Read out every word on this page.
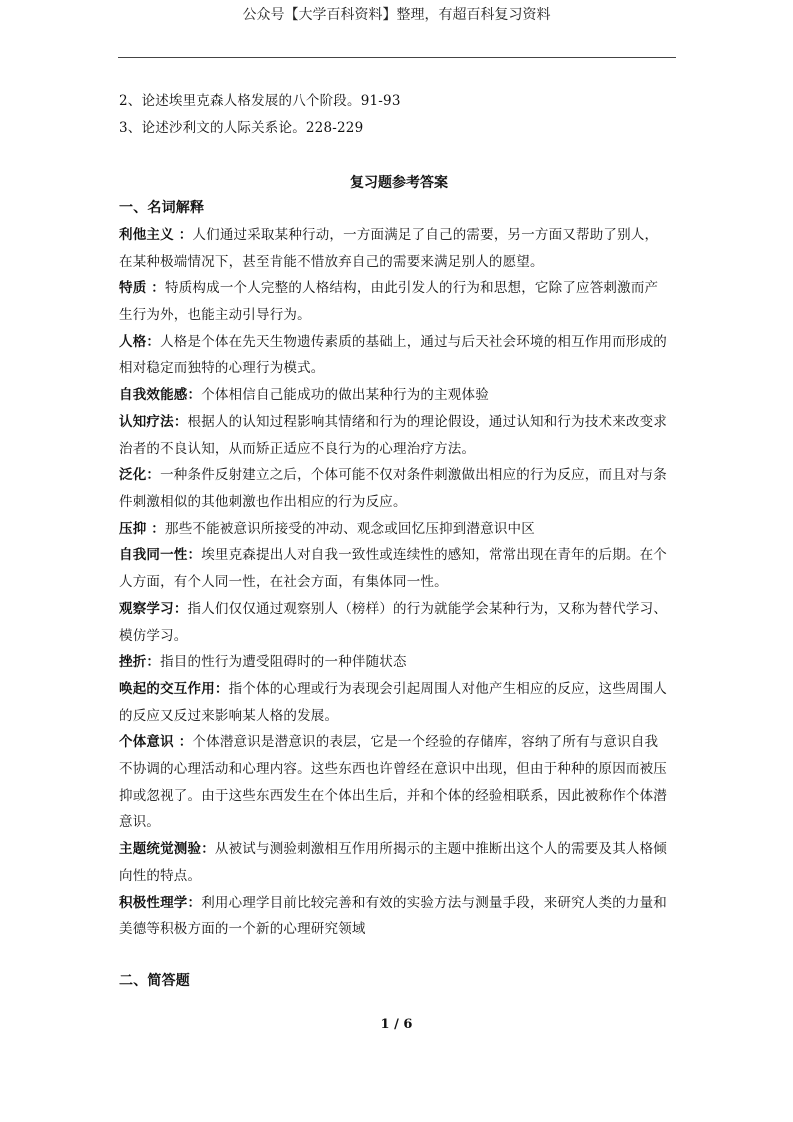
公众号【大学百科资料】整理，有超百科复习资料
2、论述埃里克森人格发展的八个阶段。91-93
3、论述沙利文的人际关系论。228-229
复习题参考答案
一、名词解释
利他主义 ：人们通过采取某种行动，一方面满足了自己的需要，另一方面又帮助了别人，
在某种极端情况下，甚至肯能不惜放弃自己的需要来满足别人的愿望。
特质 ：特质构成一个人完整的人格结构，由此引发人的行为和思想，它除了应答刺激而产
生行为外，也能主动引导行为。
人格：人格是个体在先天生物遗传素质的基础上，通过与后天社会环境的相互作用而形成的
相对稳定而独特的心理行为模式。
自我效能感：个体相信自己能成功的做出某种行为的主观体验
认知疗法：根据人的认知过程影响其情绪和行为的理论假设，通过认知和行为技术来改变求
治者的不良认知，从而矫正适应不良行为的心理治疗方法。
泛化：一种条件反射建立之后，个体可能不仅对条件刺激做出相应的行为反应，而且对与条
件刺激相似的其他刺激也作出相应的行为反应。
压抑 ：那些不能被意识所接受的冲动、观念或回忆压抑到潜意识中区
自我同一性：埃里克森提出人对自我一致性或连续性的感知，常常出现在青年的后期。在个
人方面，有个人同一性，在社会方面，有集体同一性。
观察学习：指人们仅仅通过观察别人（榜样）的行为就能学会某种行为，又称为替代学习、
模仿学习。
挫折：指目的性行为遭受阻碍时的一种伴随状态
唤起的交互作用：指个体的心理或行为表现会引起周围人对他产生相应的反应，这些周围人
的反应又反过来影响某人格的发展。
个体意识 ：个体潜意识是潜意识的表层，它是一个经验的存储库，容纳了所有与意识自我
不协调的心理活动和心理内容。这些东西也许曾经在意识中出现，但由于种种的原因而被压
抑或忽视了。由于这些东西发生在个体出生后，并和个体的经验相联系，因此被称作个体潜
意识。
主题统觉测验：从被试与测验刺激相互作用所揭示的主题中推断出这个人的需要及其人格倾
向性的特点。
积极性理学：利用心理学目前比较完善和有效的实验方法与测量手段，来研究人类的力量和
美德等积极方面的一个新的心理研究领域
二、简答题
1 / 6
